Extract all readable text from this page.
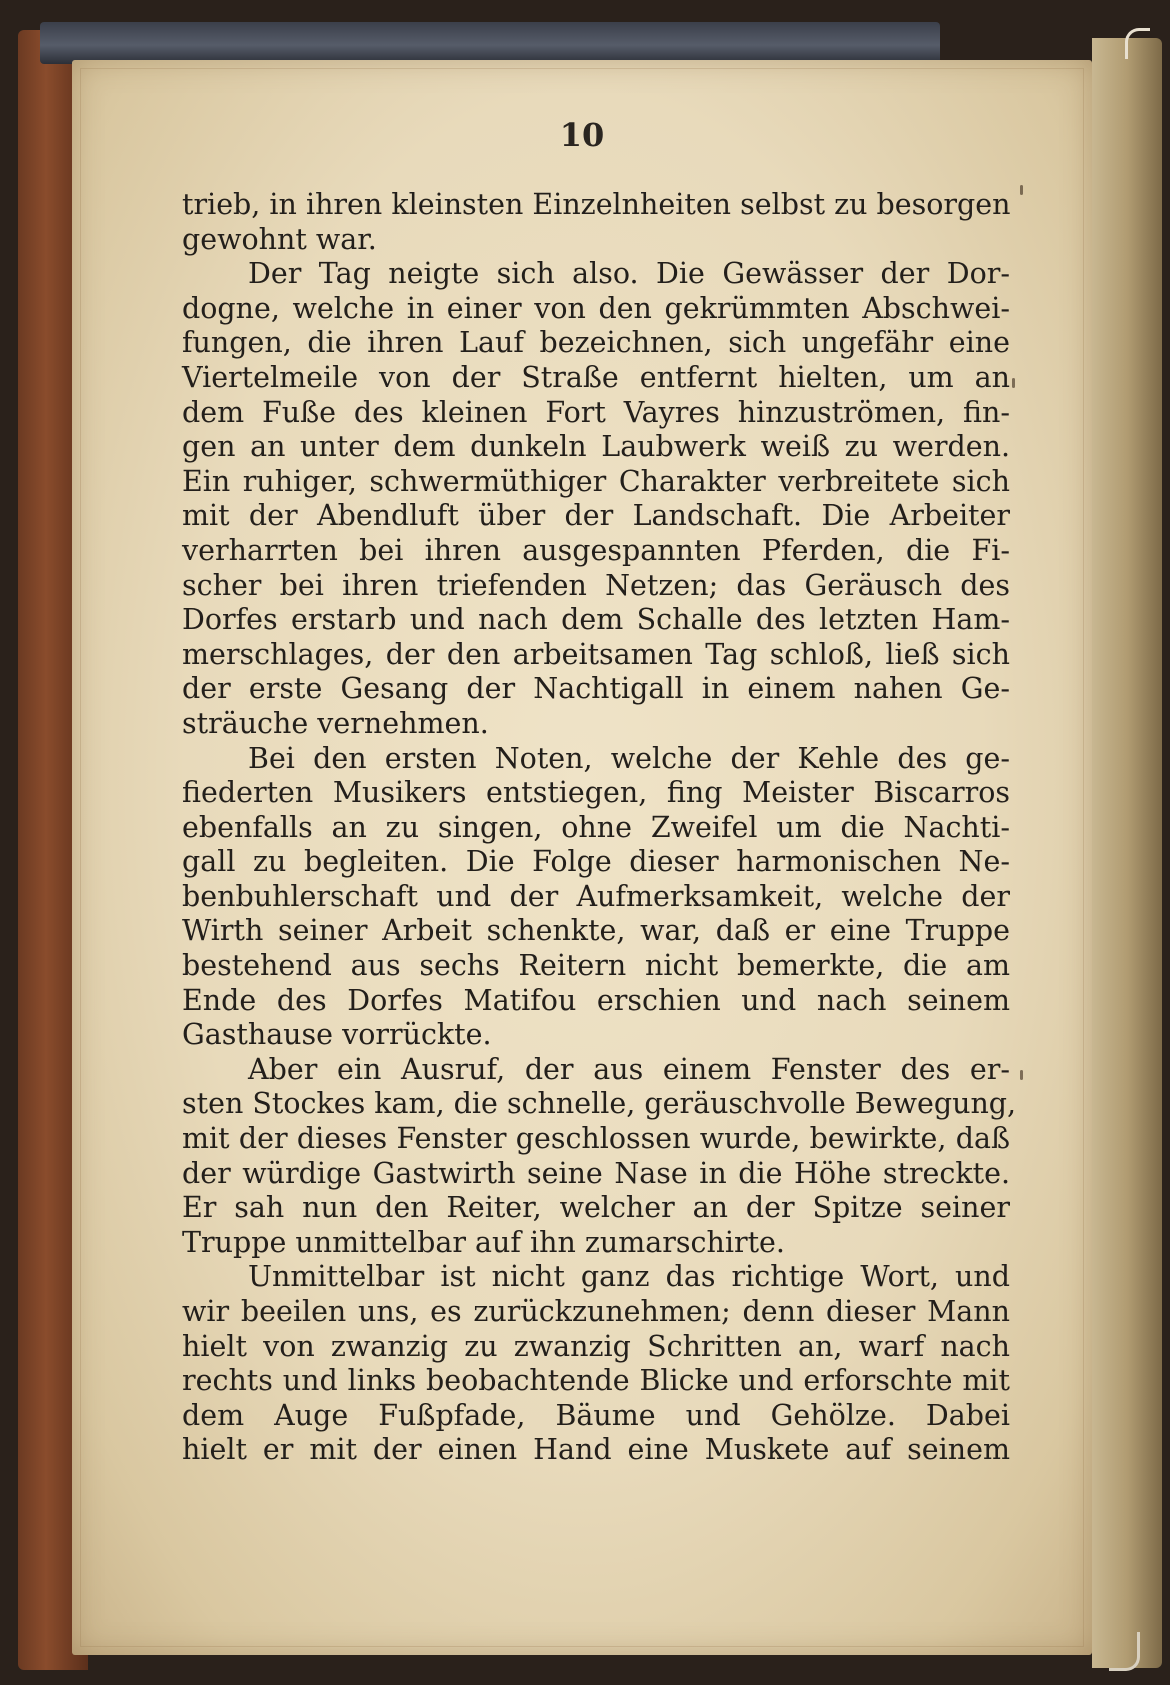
10
trieb, in ihren kleinsten Einzelnheiten selbst zu besorgen
gewohnt war.
Der Tag neigte sich also. Die Gewässer der Dor-
dogne, welche in einer von den gekrümmten Abschwei-
fungen, die ihren Lauf bezeichnen, sich ungefähr eine
Viertelmeile von der Straße entfernt hielten, um an
dem Fuße des kleinen Fort Vayres hinzuströmen, fin-
gen an unter dem dunkeln Laubwerk weiß zu werden.
Ein ruhiger, schwermüthiger Charakter verbreitete sich
mit der Abendluft über der Landschaft. Die Arbeiter
verharrten bei ihren ausgespannten Pferden, die Fi-
scher bei ihren triefenden Netzen; das Geräusch des
Dorfes erstarb und nach dem Schalle des letzten Ham-
merschlages, der den arbeitsamen Tag schloß, ließ sich
der erste Gesang der Nachtigall in einem nahen Ge-
sträuche vernehmen.
Bei den ersten Noten, welche der Kehle des ge-
fiederten Musikers entstiegen, fing Meister Biscarros
ebenfalls an zu singen, ohne Zweifel um die Nachti-
gall zu begleiten. Die Folge dieser harmonischen Ne-
benbuhlerschaft und der Aufmerksamkeit, welche der
Wirth seiner Arbeit schenkte, war, daß er eine Truppe
bestehend aus sechs Reitern nicht bemerkte, die am
Ende des Dorfes Matifou erschien und nach seinem
Gasthause vorrückte.
Aber ein Ausruf, der aus einem Fenster des er-
sten Stockes kam, die schnelle, geräuschvolle Bewegung,
mit der dieses Fenster geschlossen wurde, bewirkte, daß
der würdige Gastwirth seine Nase in die Höhe streckte.
Er sah nun den Reiter, welcher an der Spitze seiner
Truppe unmittelbar auf ihn zumarschirte.
Unmittelbar ist nicht ganz das richtige Wort, und
wir beeilen uns, es zurückzunehmen; denn dieser Mann
hielt von zwanzig zu zwanzig Schritten an, warf nach
rechts und links beobachtende Blicke und erforschte mit
dem Auge Fußpfade, Bäume und Gehölze. Dabei
hielt er mit der einen Hand eine Muskete auf seinem
